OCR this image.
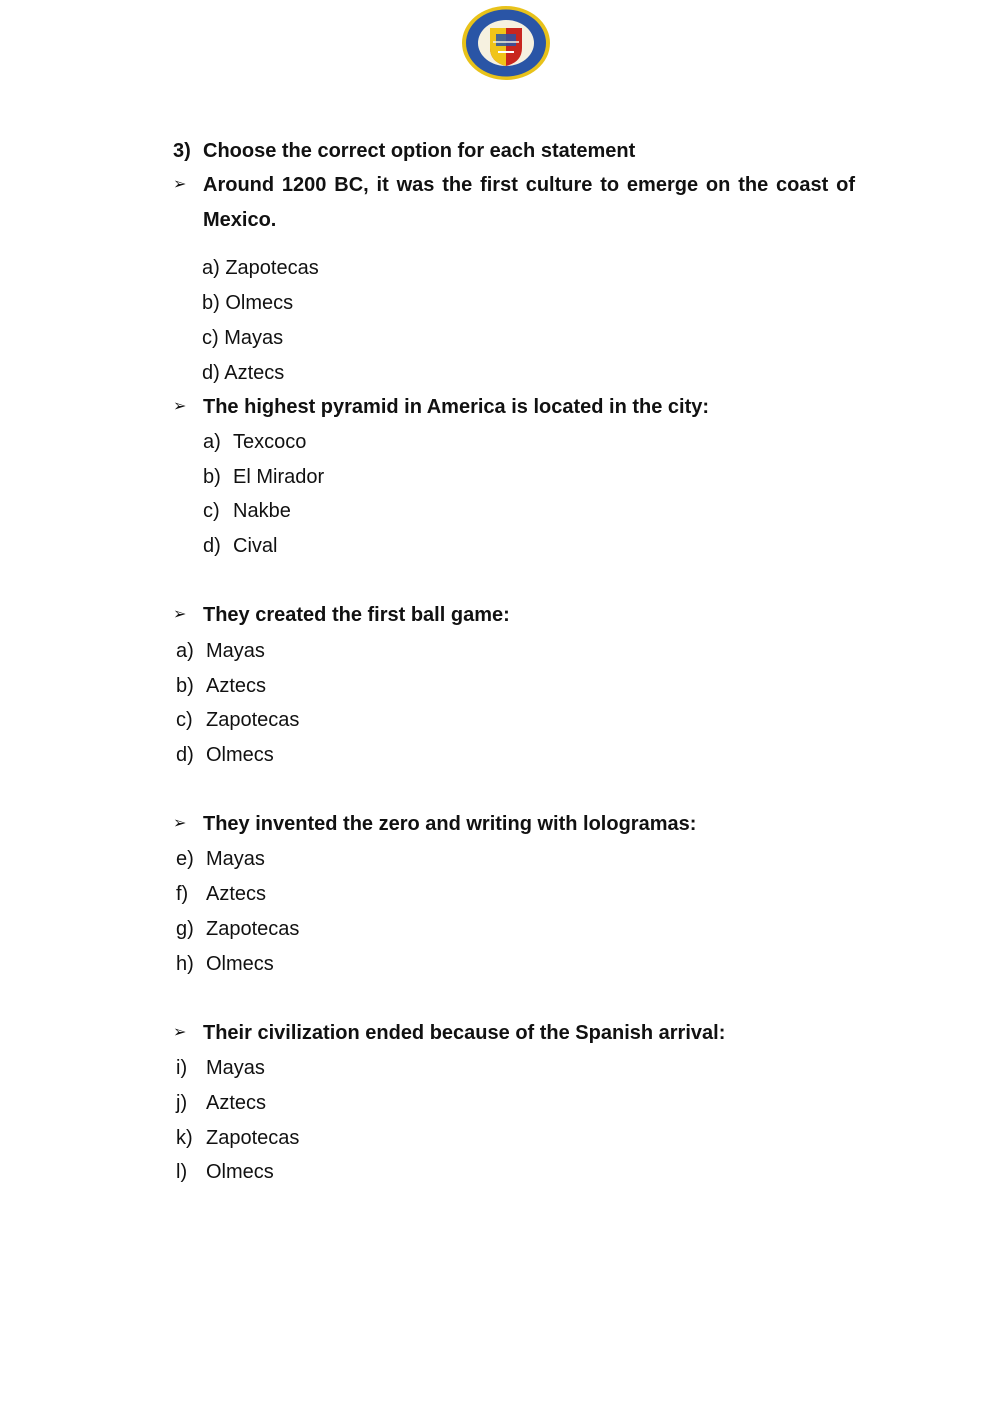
3) Choose the correct option for each statement
➢ Around 1200 BC, it was the first culture to emerge on the coast of
Mexico.
a) Zapotecas
b) Olmecs
c) Mayas
d) Aztecs
➢ The highest pyramid in America is located in the city:
a) Texcoco
b) El Mirador
c) Nakbe
d) Cival
➢ They created the first ball game:
a) Mayas
b) Aztecs
c) Zapotecas
d) Olmecs
➢ They invented the zero and writing with lologramas:
e) Mayas
f) Aztecs
g) Zapotecas
h) Olmecs
➢ Their civilization ended because of the Spanish arrival:
i) Mayas
j) Aztecs
k) Zapotecas
l) Olmecs
